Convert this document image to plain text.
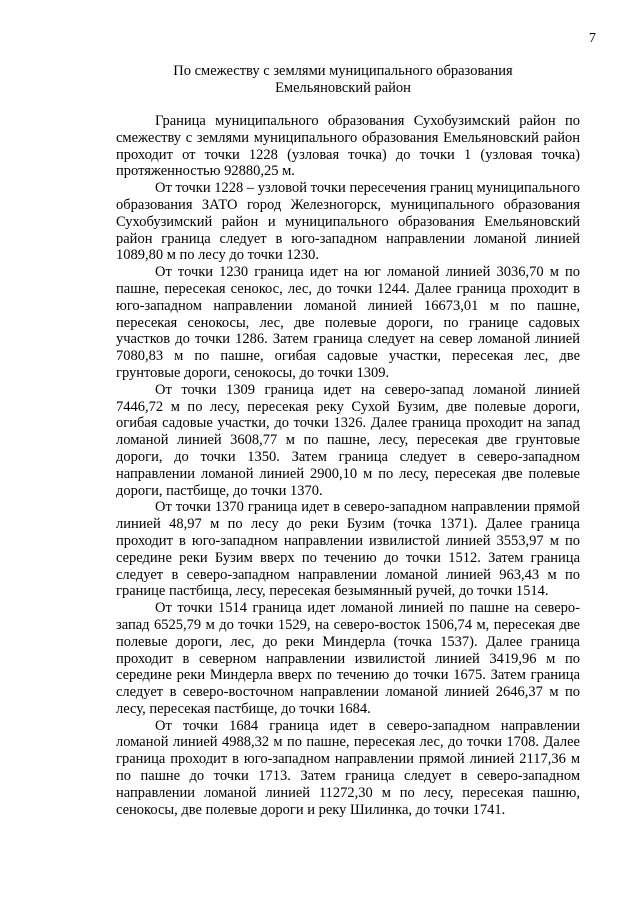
7
По смежеству с землями муниципального образования
Емельяновский район

Граница муниципального образования Сухобузимский район по смежеству с землями муниципального образования Емельяновский район проходит от точки 1228 (узловая точка) до точки 1 (узловая точка) протяженностью 92880,25 м.

От точки 1228 – узловой точки пересечения границ муниципального образования ЗАТО город Железногорск, муниципального образования Сухобузимский район и муниципального образования Емельяновский район граница следует в юго-западном направлении ломаной линией 1089,80 м по лесу до точки 1230.

От точки 1230 граница идет на юг ломаной линией 3036,70 м по пашне, пересекая сенокос, лес, до точки 1244. Далее граница проходит в юго-западном направлении ломаной линией 16673,01 м по пашне, пересекая сенокосы, лес, две полевые дороги, по границе садовых участков до точки 1286. Затем граница следует на север ломаной линией 7080,83 м по пашне, огибая садовые участки, пересекая лес, две грунтовые дороги, сенокосы, до точки 1309.

От точки 1309 граница идет на северо-запад ломаной линией 7446,72 м по лесу, пересекая реку Сухой Бузим, две полевые дороги, огибая садовые участки, до точки 1326. Далее граница проходит на запад ломаной линией 3608,77 м по пашне, лесу, пересекая две грунтовые дороги, до точки 1350. Затем граница следует в северо-западном направлении ломаной линией 2900,10 м по лесу, пересекая две полевые дороги, пастбище, до точки 1370.

От точки 1370 граница идет в северо-западном направлении прямой линией 48,97 м по лесу до реки Бузим (точка 1371). Далее граница проходит в юго-западном направлении извилистой линией 3553,97 м по середине реки Бузим вверх по течению до точки 1512. Затем граница следует в северо-западном направлении ломаной линией 963,43 м по границе пастбища, лесу, пересекая безымянный ручей, до точки 1514.

От точки 1514 граница идет ломаной линией по пашне на северо-запад 6525,79 м до точки 1529, на северо-восток 1506,74 м, пересекая две полевые дороги, лес, до реки Миндерла (точка 1537). Далее граница проходит в северном направлении извилистой линией 3419,96 м по середине реки Миндерла вверх по течению до точки 1675. Затем граница следует в северо-восточном направлении ломаной линией 2646,37 м по лесу, пересекая пастбище, до точки 1684.

От точки 1684 граница идет в северо-западном направлении ломаной линией 4988,32 м по пашне, пересекая лес, до точки 1708. Далее граница проходит в юго-западном направлении прямой линией 2117,36 м по пашне до точки 1713. Затем граница следует в северо-западном направлении ломаной линией 11272,30 м по лесу, пересекая пашню, сенокосы, две полевые дороги и реку Шилинка, до точки 1741.
